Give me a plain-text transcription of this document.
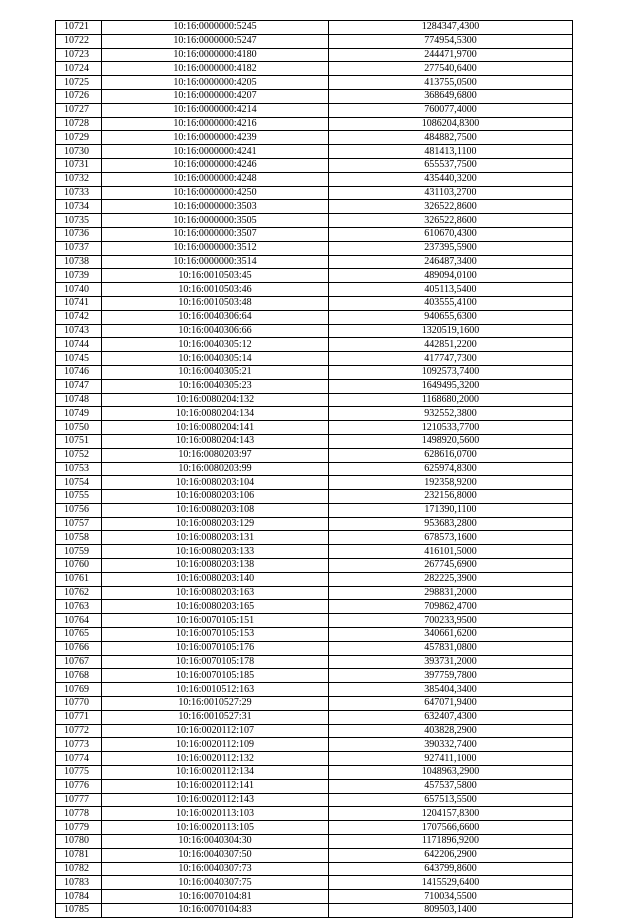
10721	10:16:0000000:5245	1284347,4300
10722	10:16:0000000:5247	774954,5300
10723	10:16:0000000:4180	244471,9700
10724	10:16:0000000:4182	277540,6400
10725	10:16:0000000:4205	413755,0500
10726	10:16:0000000:4207	368649,6800
10727	10:16:0000000:4214	760077,4000
10728	10:16:0000000:4216	1086204,8300
10729	10:16:0000000:4239	484882,7500
10730	10:16:0000000:4241	481413,1100
10731	10:16:0000000:4246	655537,7500
10732	10:16:0000000:4248	435440,3200
10733	10:16:0000000:4250	431103,2700
10734	10:16:0000000:3503	326522,8600
10735	10:16:0000000:3505	326522,8600
10736	10:16:0000000:3507	610670,4300
10737	10:16:0000000:3512	237395,5900
10738	10:16:0000000:3514	246487,3400
10739	10:16:0010503:45	489094,0100
10740	10:16:0010503:46	405113,5400
10741	10:16:0010503:48	403555,4100
10742	10:16:0040306:64	940655,6300
10743	10:16:0040306:66	1320519,1600
10744	10:16:0040305:12	442851,2200
10745	10:16:0040305:14	417747,7300
10746	10:16:0040305:21	1092573,7400
10747	10:16:0040305:23	1649495,3200
10748	10:16:0080204:132	1168680,2000
10749	10:16:0080204:134	932552,3800
10750	10:16:0080204:141	1210533,7700
10751	10:16:0080204:143	1498920,5600
10752	10:16:0080203:97	628616,0700
10753	10:16:0080203:99	625974,8300
10754	10:16:0080203:104	192358,9200
10755	10:16:0080203:106	232156,8000
10756	10:16:0080203:108	171390,1100
10757	10:16:0080203:129	953683,2800
10758	10:16:0080203:131	678573,1600
10759	10:16:0080203:133	416101,5000
10760	10:16:0080203:138	267745,6900
10761	10:16:0080203:140	282225,3900
10762	10:16:0080203:163	298831,2000
10763	10:16:0080203:165	709862,4700
10764	10:16:0070105:151	700233,9500
10765	10:16:0070105:153	340661,6200
10766	10:16:0070105:176	457831,0800
10767	10:16:0070105:178	393731,2000
10768	10:16:0070105:185	397759,7800
10769	10:16:0010512:163	385404,3400
10770	10:16:0010527:29	647071,9400
10771	10:16:0010527:31	632407,4300
10772	10:16:0020112:107	403828,2900
10773	10:16:0020112:109	390332,7400
10774	10:16:0020112:132	927411,1000
10775	10:16:0020112:134	1048963,2900
10776	10:16:0020112:141	457537,5800
10777	10:16:0020112:143	657513,5500
10778	10:16:0020113:103	1204157,8300
10779	10:16:0020113:105	1707566,6600
10780	10:16:0040304:30	1171896,9200
10781	10:16:0040307:50	642206,2900
10782	10:16:0040307:73	643799,8600
10783	10:16:0040307:75	1415529,6400
10784	10:16:0070104:81	710034,5500
10785	10:16:0070104:83	809503,1400
